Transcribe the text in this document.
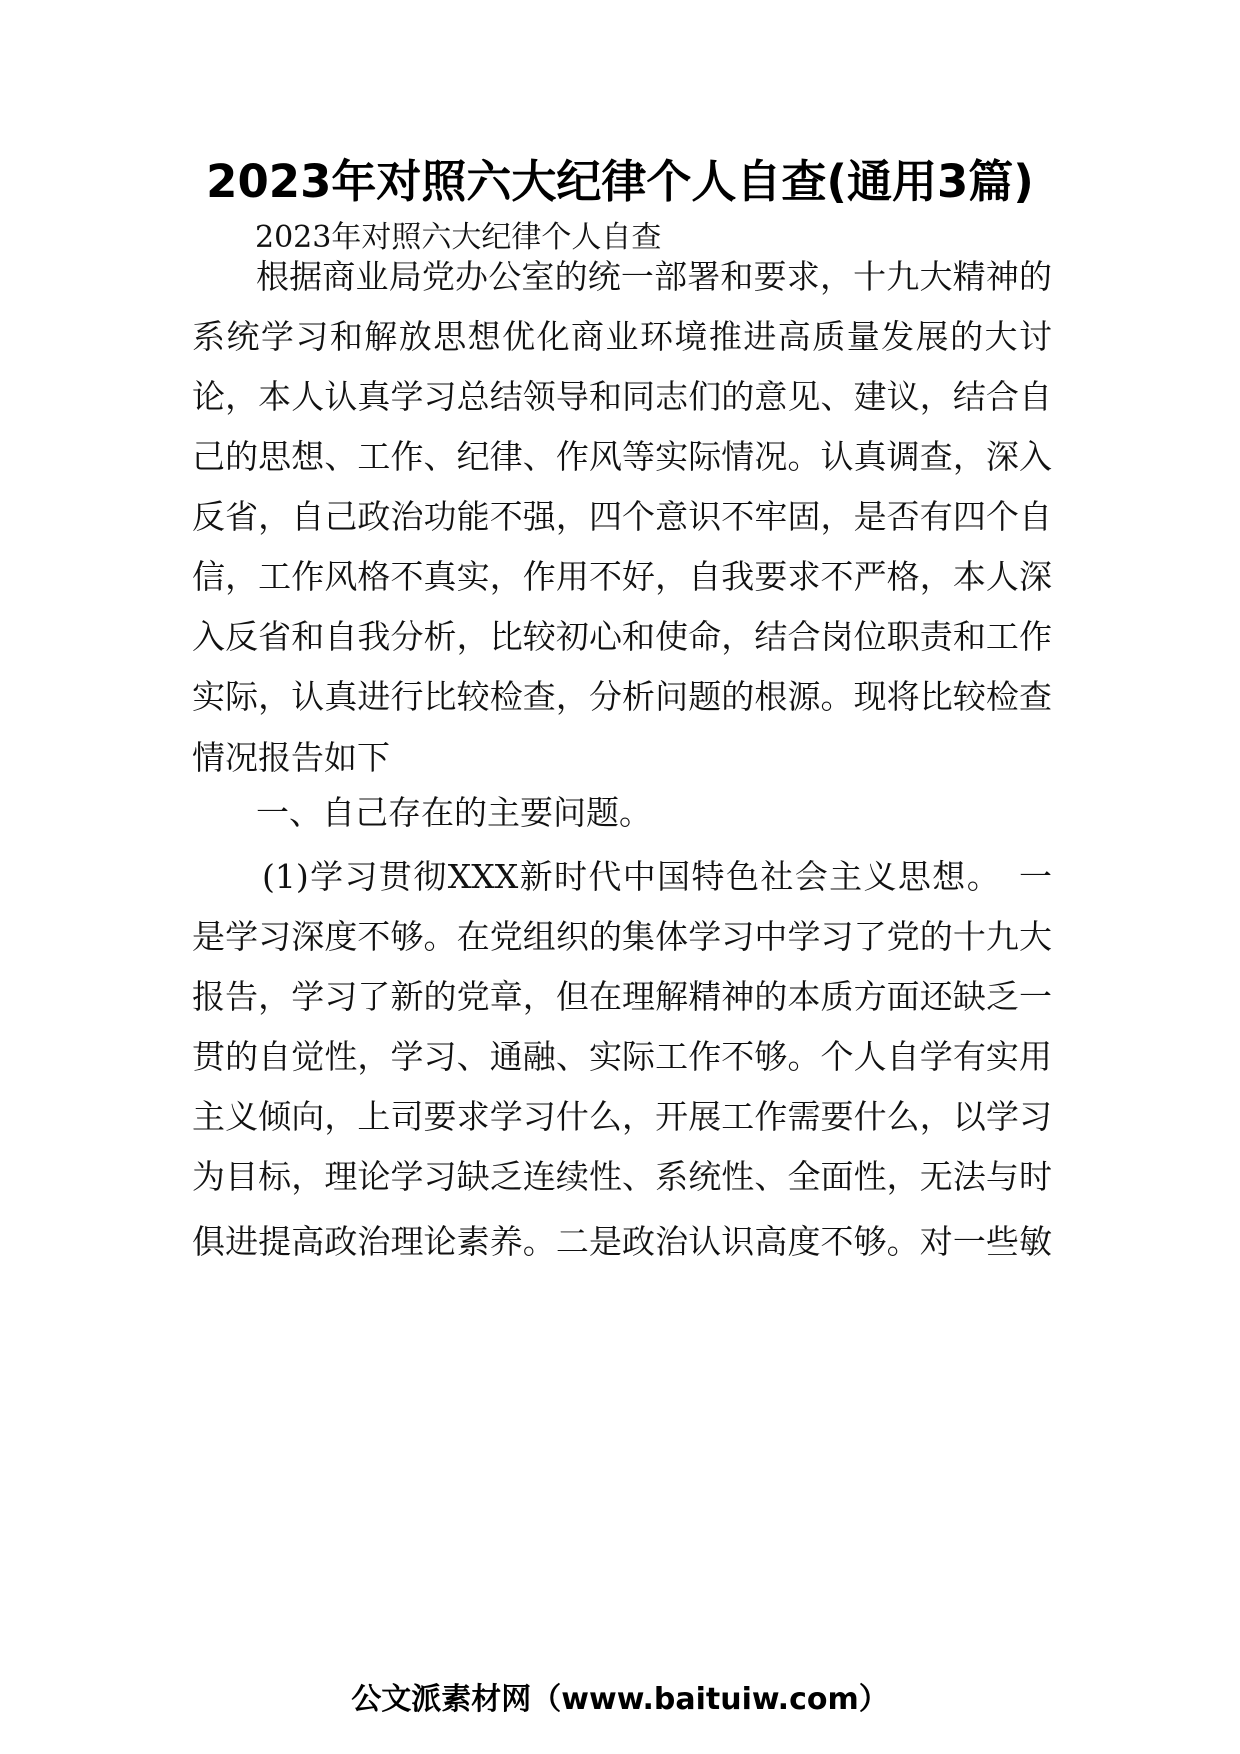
2023年对照六大纪律个人自查(通用3篇)
2023年对照六大纪律个人自查
根据商业局党办公室的统一部署和要求，十九大精神的
系统学习和解放思想优化商业环境推进高质量发展的大讨
论，本人认真学习总结领导和同志们的意见、建议，结合自
己的思想、工作、纪律、作风等实际情况。认真调查，深入
反省，自己政治功能不强，四个意识不牢固，是否有四个自
信，工作风格不真实，作用不好，自我要求不严格，本人深
入反省和自我分析，比较初心和使命，结合岗位职责和工作
实际，认真进行比较检查，分析问题的根源。现将比较检查
情况报告如下
一、自己存在的主要问题。
(1)学习贯彻XXX新时代中国特色社会主义思想。　一
是学习深度不够。在党组织的集体学习中学习了党的十九大
报告，学习了新的党章，但在理解精神的本质方面还缺乏一
贯的自觉性，学习、通融、实际工作不够。个人自学有实用
主义倾向，上司要求学习什么，开展工作需要什么，以学习
为目标，理论学习缺乏连续性、系统性、全面性，无法与时
俱进提高政治理论素养。二是政治认识高度不够。对一些敏
公文派素材网（www.baituiw.com）
